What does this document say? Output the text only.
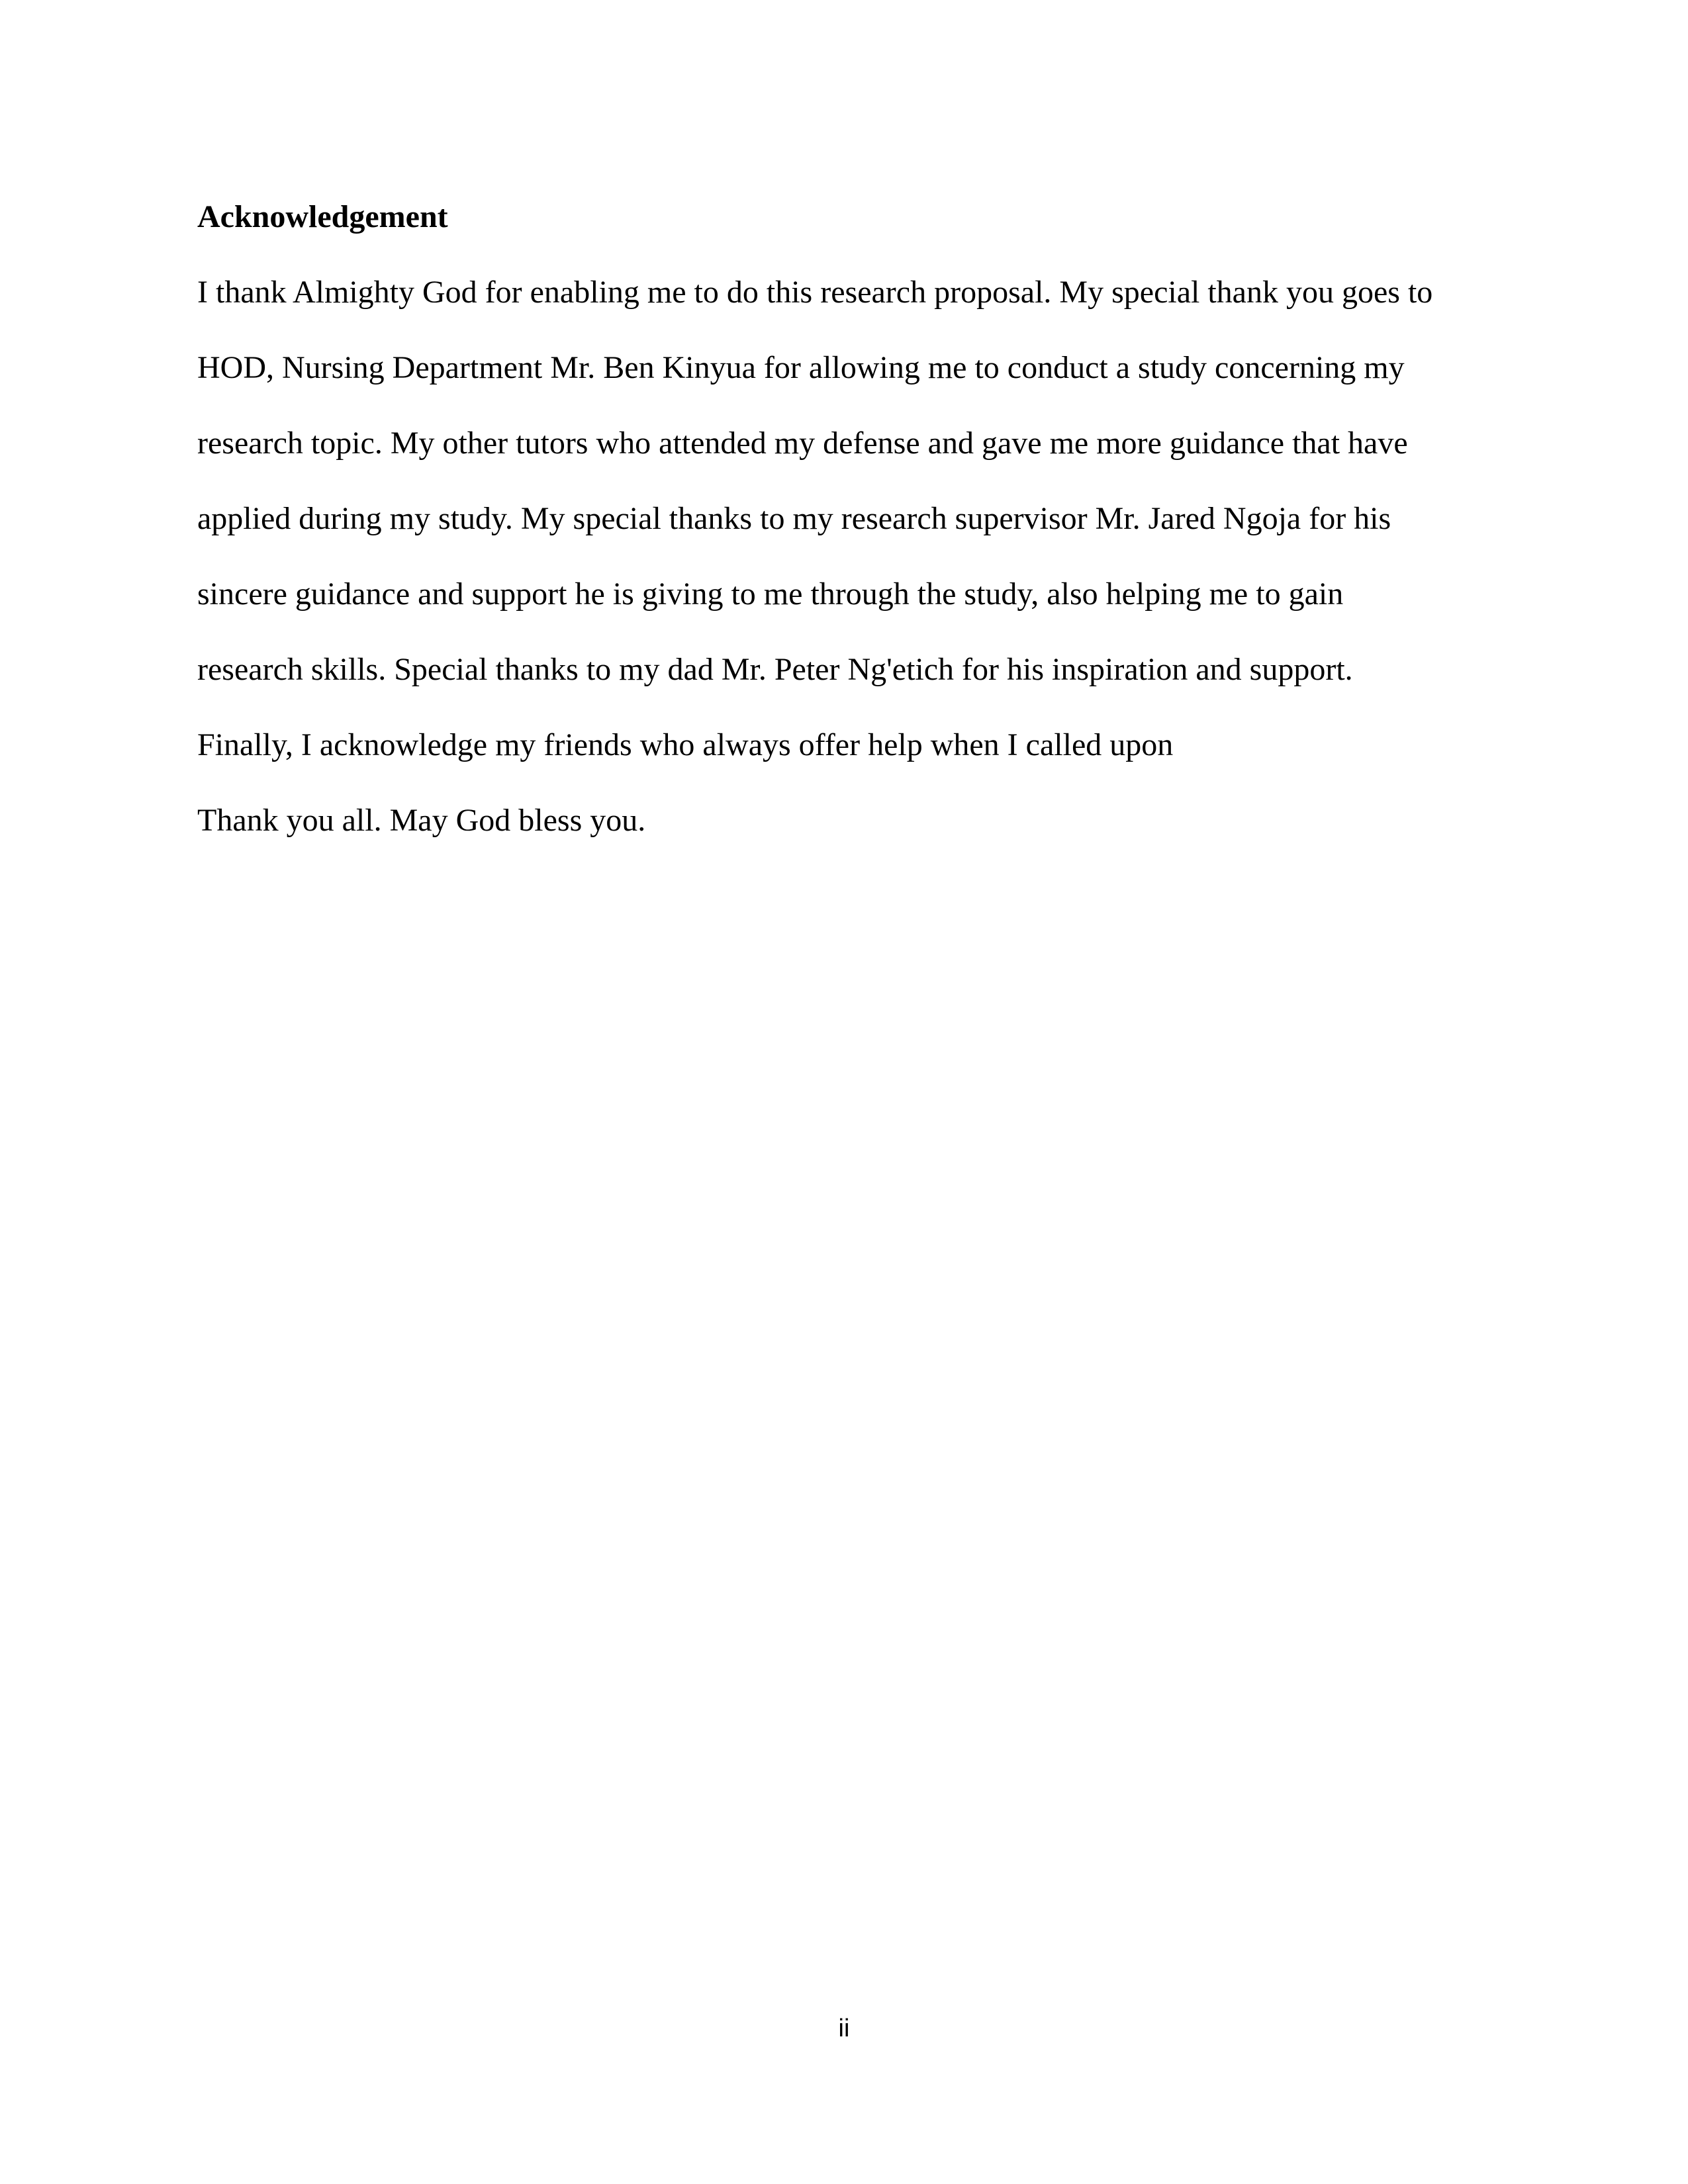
Acknowledgement
I thank Almighty God for enabling me to do this research proposal. My special thank you goes to
HOD, Nursing Department Mr. Ben Kinyua for allowing me to conduct a study concerning my
research topic. My other tutors who attended my defense and gave me more guidance that have
applied during my study. My special thanks to my research supervisor Mr. Jared Ngoja for his
sincere guidance and support he is giving to me through the study, also helping me to gain
research skills. Special thanks to my dad Mr. Peter Ng'etich for his inspiration and support.
Finally, I acknowledge my friends who always offer help when I called upon
Thank you all. May God bless you.
ii
